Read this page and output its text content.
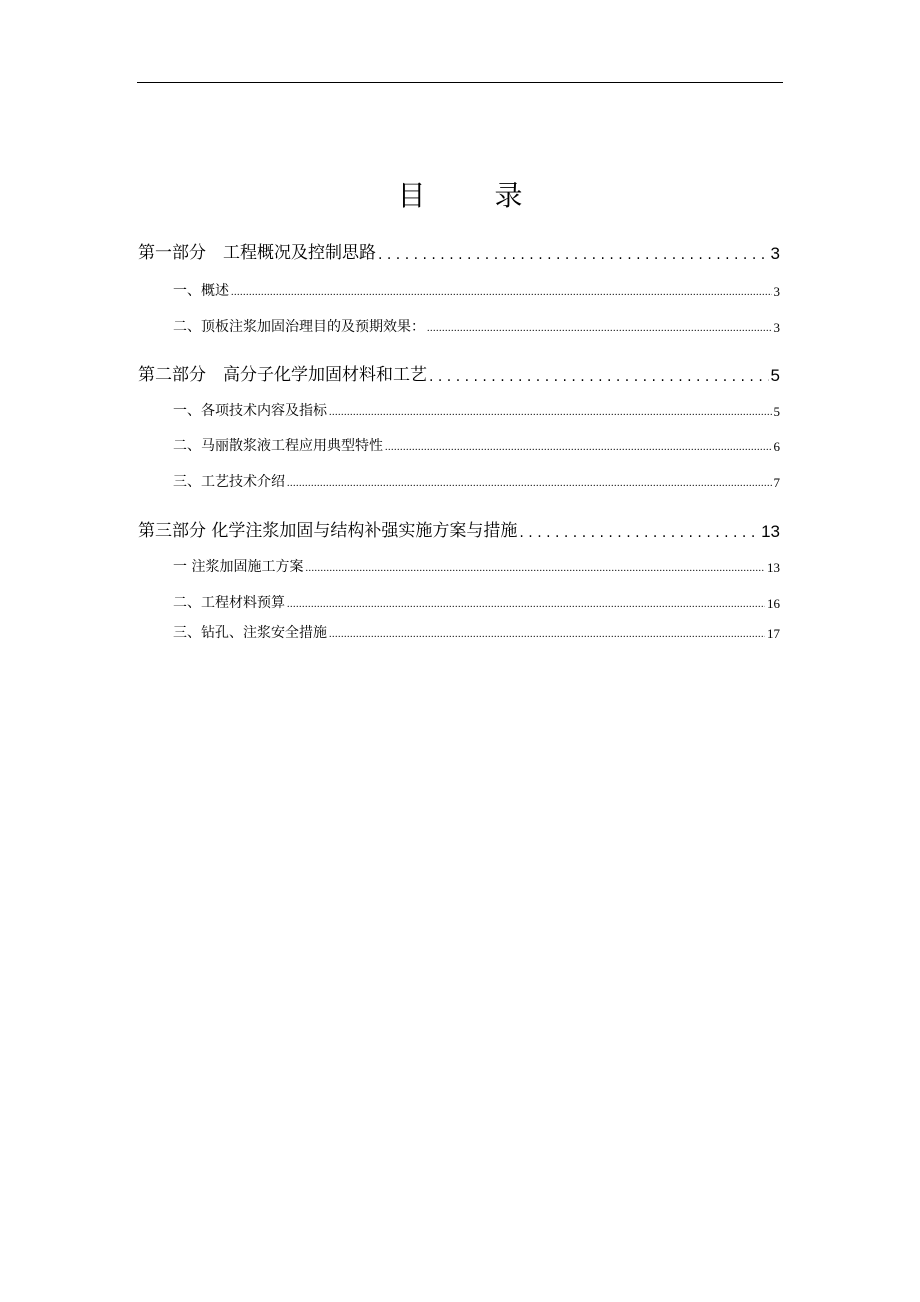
目 录
第一部分　工程概况及控制思路 . . .	3
一、概述 .....	3
二、顶板注浆加固治理目的及预期效果： .....	3
第二部分　高分子化学加固材料和工艺 . . .	5
一、各项技术内容及指标 .....	5
二、马丽散浆液工程应用典型特性 .....	6
三、工艺技术介绍 .....	7
第三部分 化学注浆加固与结构补强实施方案与措施 . . .	13
一 注浆加固施工方案 .....	13
二、工程材料预算 .....	16
三、钻孔、注浆安全措施 .....	17
